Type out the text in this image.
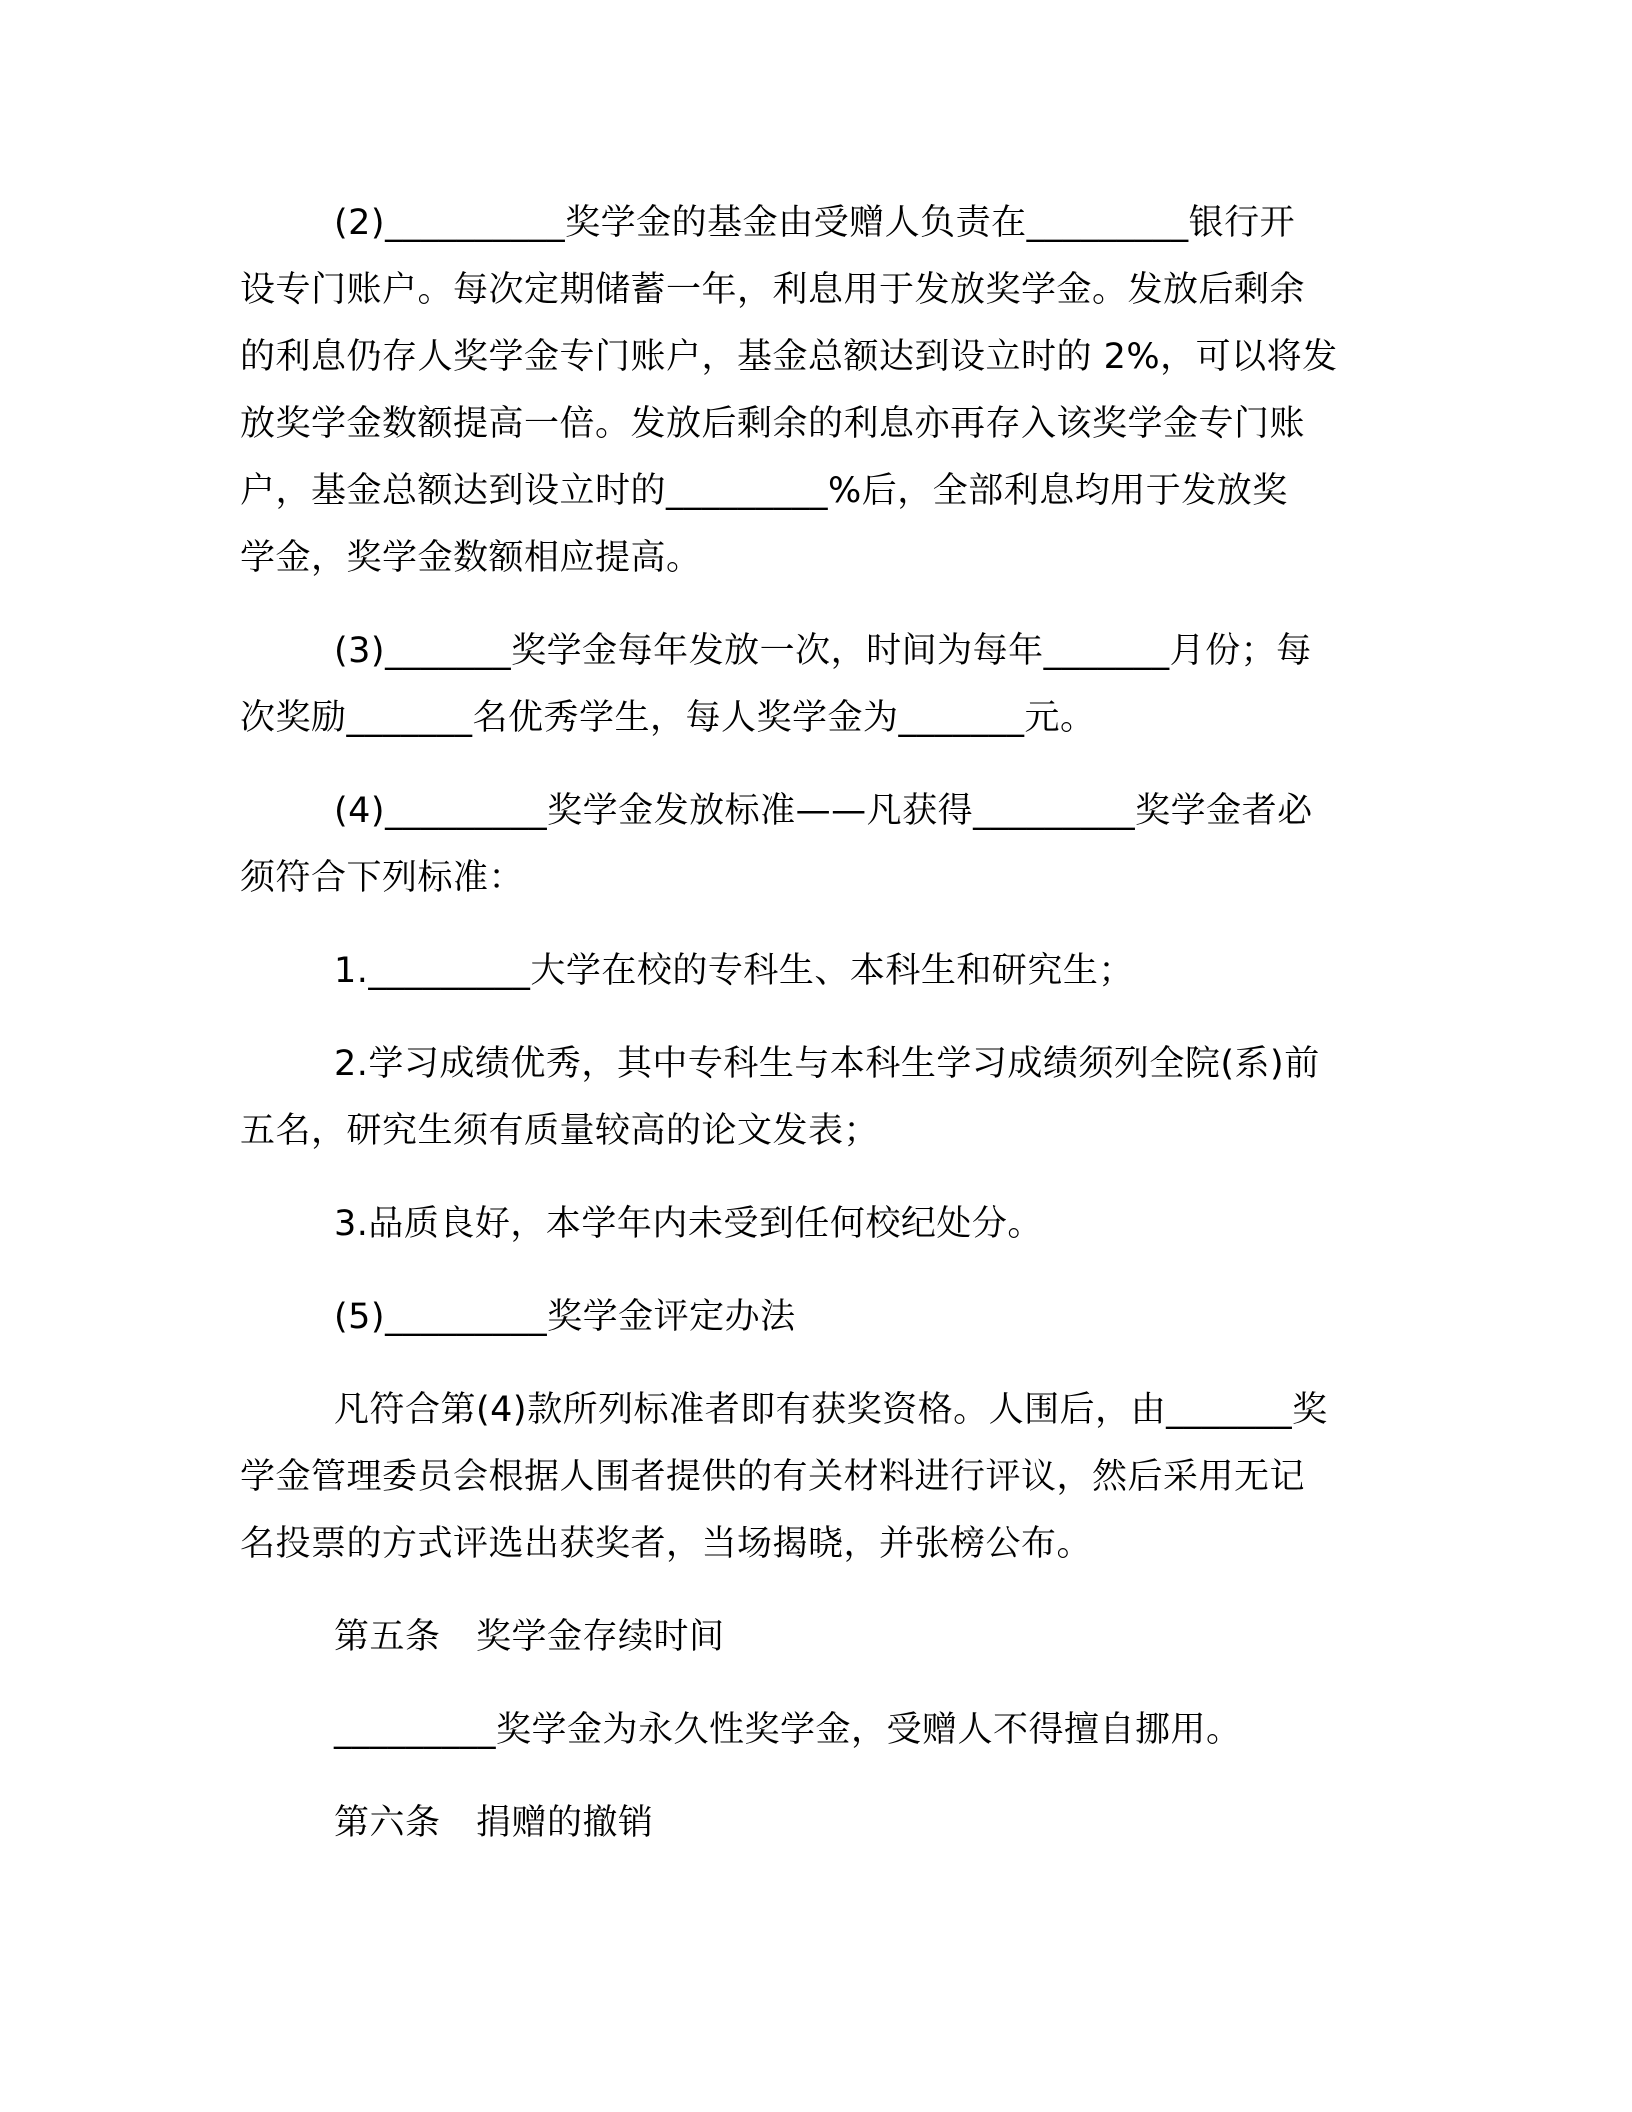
(2)__________奖学金的基金由受赠人负责在_________银行开
设专门账户。每次定期储蓄一年，利息用于发放奖学金。发放后剩余
的利息仍存人奖学金专门账户，基金总额达到设立时的 2%，可以将发
放奖学金数额提高一倍。发放后剩余的利息亦再存入该奖学金专门账
户，基金总额达到设立时的_________%后，全部利息均用于发放奖
学金，奖学金数额相应提高。

(3)_______奖学金每年发放一次，时间为每年_______月份；每
次奖励_______名优秀学生，每人奖学金为_______元。

(4)_________奖学金发放标准——凡获得_________奖学金者必
须符合下列标准：

1._________大学在校的专科生、本科生和研究生；

2.学习成绩优秀，其中专科生与本科生学习成绩须列全院(系)前
五名，研究生须有质量较高的论文发表；

3.品质良好，本学年内未受到任何校纪处分。

(5)_________奖学金评定办法

凡符合第(4)款所列标准者即有获奖资格。人围后，由_______奖
学金管理委员会根据人围者提供的有关材料进行评议，然后采用无记
名投票的方式评选出获奖者，当场揭晓，并张榜公布。

第五条　奖学金存续时间

_________奖学金为永久性奖学金，受赠人不得擅自挪用。

第六条　捐赠的撤销
